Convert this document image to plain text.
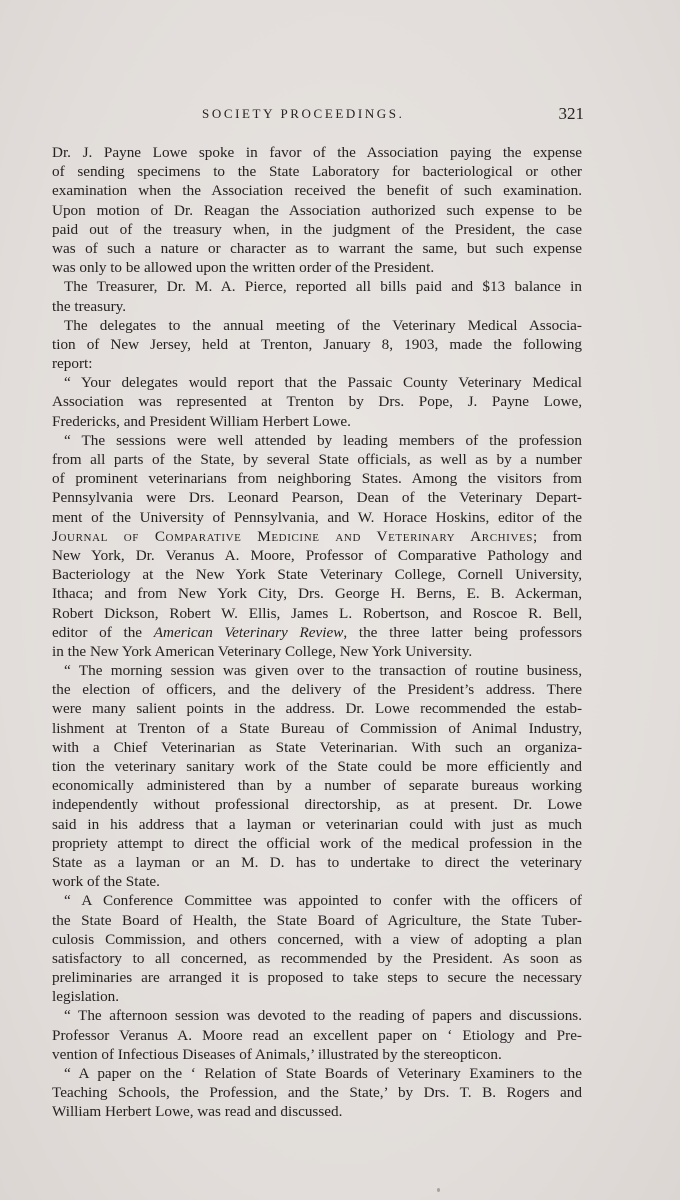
SOCIETY PROCEEDINGS.	321
Dr. J. Payne Lowe spoke in favor of the Association paying the expense
of sending specimens to the State Laboratory for bacteriological or other
examination when the Association received the benefit of such examination.
Upon motion of Dr. Reagan the Association authorized such expense to be
paid out of the treasury when, in the judgment of the President, the case
was of such a nature or character as to warrant the same, but such expense
was only to be allowed upon the written order of the President.
The Treasurer, Dr. M. A. Pierce, reported all bills paid and $13 balance in
the treasury.
The delegates to the annual meeting of the Veterinary Medical Associa-
tion of New Jersey, held at Trenton, January 8, 1903, made the following
report:
“ Your delegates would report that the Passaic County Veterinary Medical
Association was represented at Trenton by Drs. Pope, J. Payne Lowe,
Fredericks, and President William Herbert Lowe.
“ The sessions were well attended by leading members of the profession
from all parts of the State, by several State officials, as well as by a number
of prominent veterinarians from neighboring States. Among the visitors from
Pennsylvania were Drs. Leonard Pearson, Dean of the Veterinary Depart-
ment of the University of Pennsylvania, and W. Horace Hoskins, editor of the
Journal of Comparative Medicine and Veterinary Archives; from
New York, Dr. Veranus A. Moore, Professor of Comparative Pathology and
Bacteriology at the New York State Veterinary College, Cornell University,
Ithaca; and from New York City, Drs. George H. Berns, E. B. Ackerman,
Robert Dickson, Robert W. Ellis, James L. Robertson, and Roscoe R. Bell,
editor of the American Veterinary Review, the three latter being professors
in the New York American Veterinary College, New York University.
“ The morning session was given over to the transaction of routine business,
the election of officers, and the delivery of the President’s address. There
were many salient points in the address. Dr. Lowe recommended the estab-
lishment at Trenton of a State Bureau of Commission of Animal Industry,
with a Chief Veterinarian as State Veterinarian. With such an organiza-
tion the veterinary sanitary work of the State could be more efficiently and
economically administered than by a number of separate bureaus working
independently without professional directorship, as at present. Dr. Lowe
said in his address that a layman or veterinarian could with just as much
propriety attempt to direct the official work of the medical profession in the
State as a layman or an M. D. has to undertake to direct the veterinary
work of the State.
“ A Conference Committee was appointed to confer with the officers of
the State Board of Health, the State Board of Agriculture, the State Tuber-
culosis Commission, and others concerned, with a view of adopting a plan
satisfactory to all concerned, as recommended by the President. As soon as
preliminaries are arranged it is proposed to take steps to secure the necessary
legislation.
“ The afternoon session was devoted to the reading of papers and discussions.
Professor Veranus A. Moore read an excellent paper on ‘ Etiology and Pre-
vention of Infectious Diseases of Animals,’ illustrated by the stereopticon.
“ A paper on the ‘ Relation of State Boards of Veterinary Examiners to the
Teaching Schools, the Profession, and the State,’ by Drs. T. B. Rogers and
William Herbert Lowe, was read and discussed.
